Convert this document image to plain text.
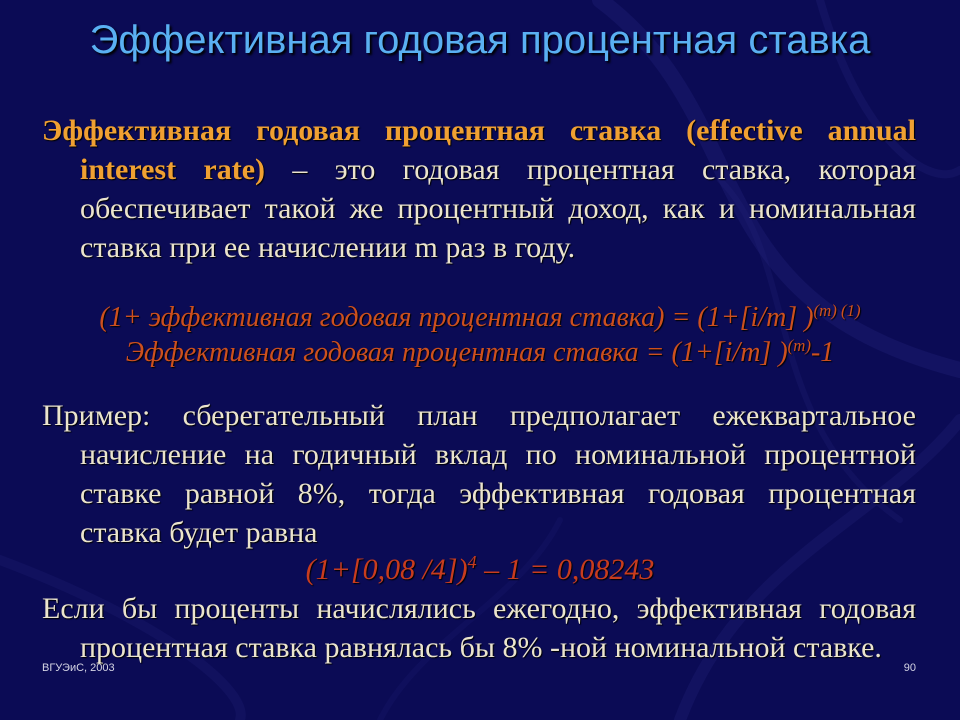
Эффективная годовая процентная ставка
Эффективная годовая процентная ставка (effective annual
interest rate) – это годовая процентная ставка, которая
обеспечивает такой же процентный доход, как и номинальная
ставка при ее начислении m раз в году.
(1+ эффективная годовая процентная ставка) = (1+[i/m] )$^{(m) (1)}$
Эффективная годовая процентная ставка = (1+[i/m] )$^{(m)}$-1
Пример: сберегательный план предполагает ежеквартальное
начисление на годичный вклад по номинальной процентной
ставке равной 8%, тогда эффективная годовая процентная
ставка будет равна
(1+[0,08 /4])$^4$ – 1 = 0,08243
Если бы проценты начислялись ежегодно, эффективная годовая
процентная ставка равнялась бы 8% -ной номинальной ставке.
ВГУЭиС, 2003	90
